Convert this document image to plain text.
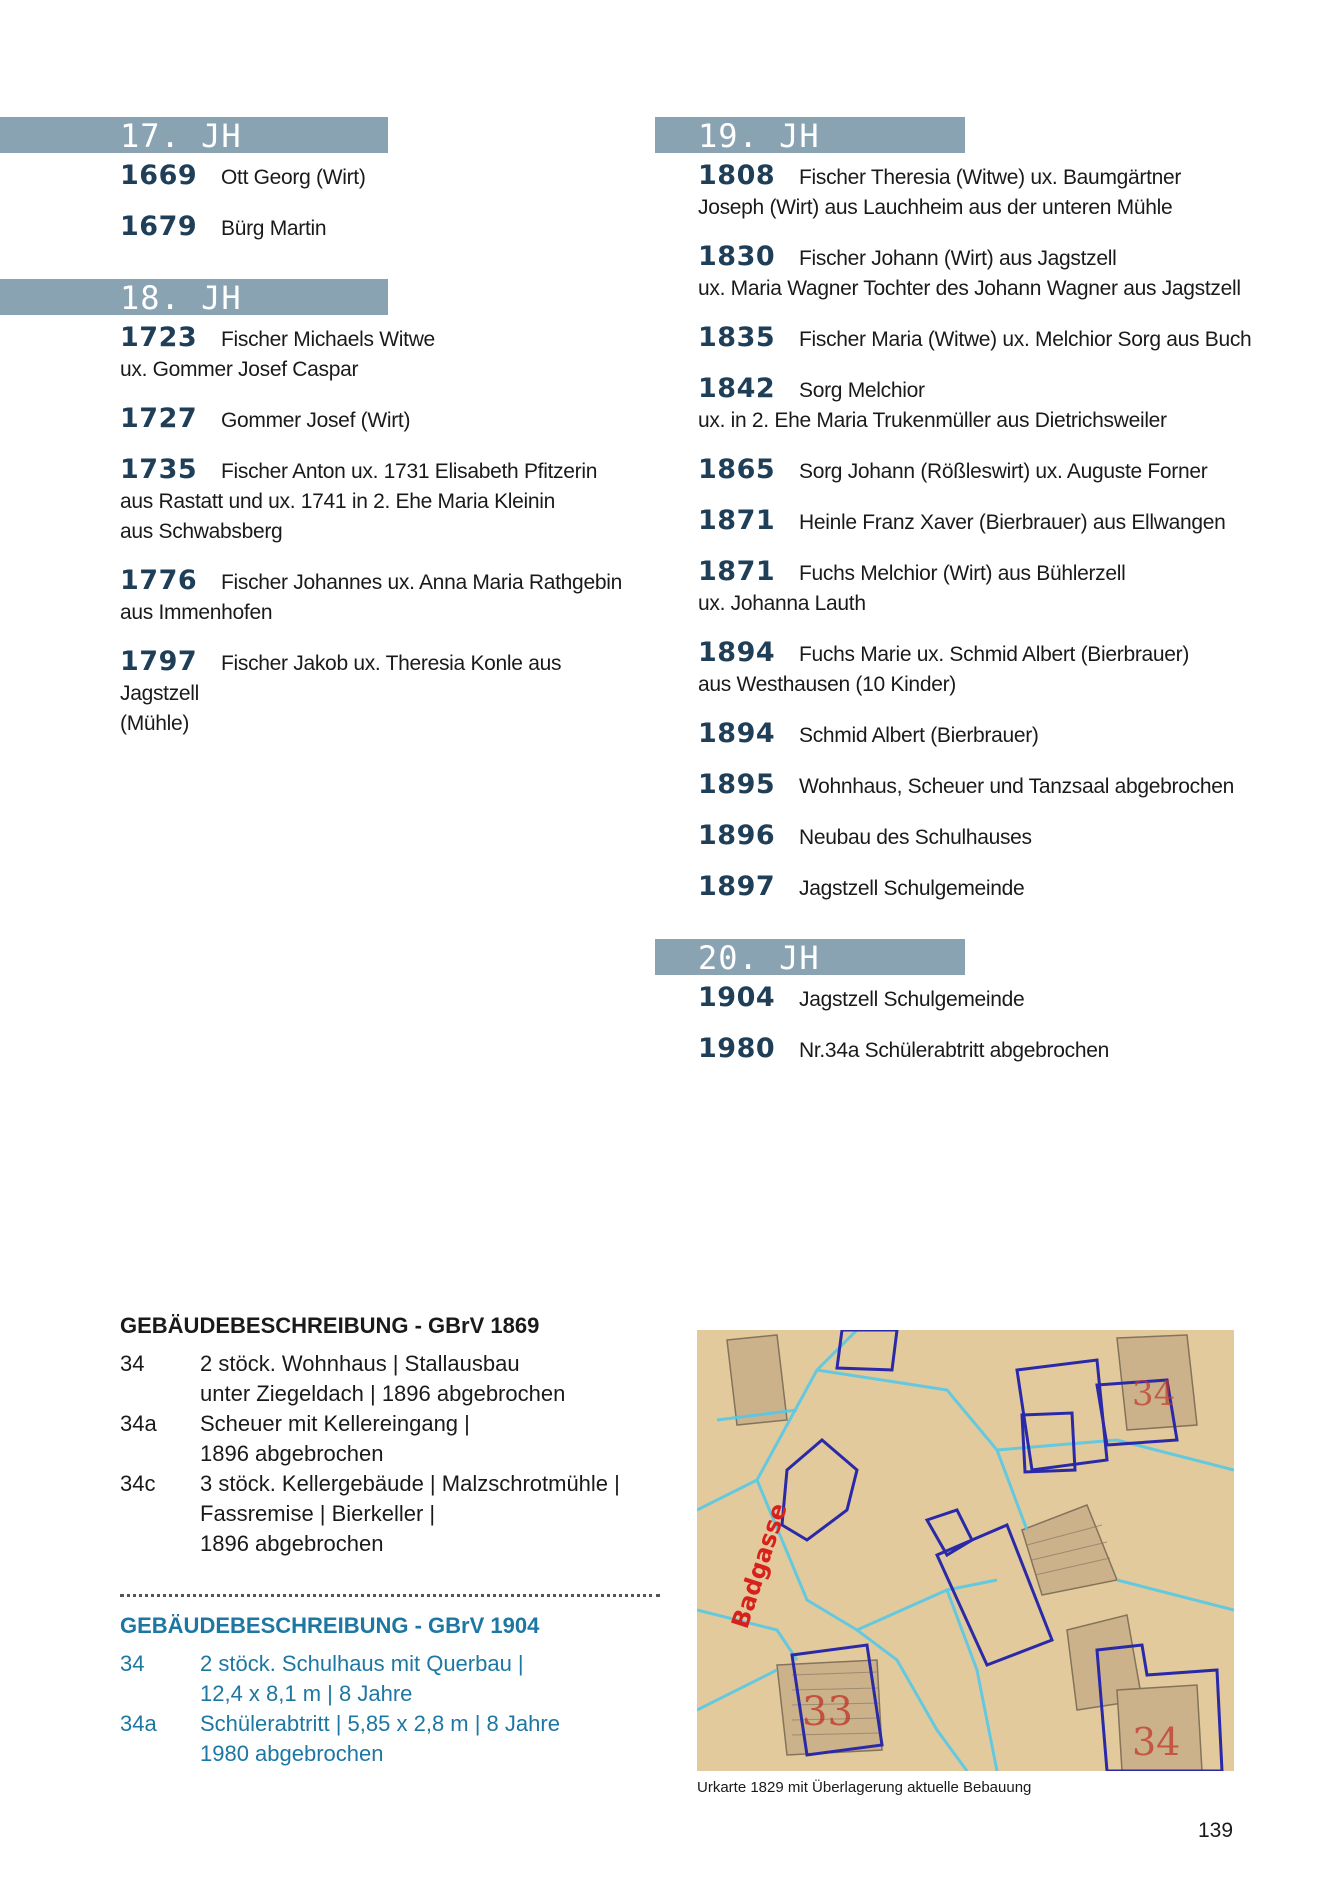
17. JH
1669 Ott Georg (Wirt)
1679 Bürg Martin
18. JH
1723 Fischer Michaels Witwe
ux. Gommer Josef Caspar
1727 Gommer Josef (Wirt)
1735 Fischer Anton ux. 1731 Elisabeth Pfitzerin
aus Rastatt und ux. 1741 in 2. Ehe Maria Kleinin
aus Schwabsberg
1776 Fischer Johannes ux. Anna Maria Rathgebin
aus Immenhofen
1797 Fischer Jakob ux. Theresia Konle aus Jagstzell
(Mühle)
19. JH
1808 Fischer Theresia (Witwe) ux. Baumgärtner
Joseph (Wirt) aus Lauchheim aus der unteren Mühle
1830 Fischer Johann (Wirt) aus Jagstzell
ux. Maria Wagner Tochter des Johann Wagner aus Jagstzell
1835 Fischer Maria (Witwe) ux. Melchior Sorg aus Buch
1842 Sorg Melchior
ux. in 2. Ehe Maria Trukenmüller aus Dietrichsweiler
1865 Sorg Johann (Rößleswirt) ux. Auguste Forner
1871 Heinle Franz Xaver (Bierbrauer) aus Ellwangen
1871 Fuchs Melchior (Wirt) aus Bühlerzell
ux. Johanna Lauth
1894 Fuchs Marie ux. Schmid Albert (Bierbrauer)
aus Westhausen (10 Kinder)
1894 Schmid Albert (Bierbrauer)
1895 Wohnhaus, Scheuer und Tanzsaal abgebrochen
1896 Neubau des Schulhauses
1897 Jagstzell Schulgemeinde
20. JH
1904 Jagstzell Schulgemeinde
1980 Nr.34a Schülerabtritt abgebrochen
GEBÄUDEBESCHREIBUNG - GBrV 1869
34	2 stöck. Wohnhaus | Stallausbau
unter Ziegeldach | 1896 abgebrochen
34a	Scheuer mit Kellereingang |
1896 abgebrochen
34c	3 stöck. Kellergebäude | Malzschrotmühle |
Fassremise | Bierkeller |
1896 abgebrochen
GEBÄUDEBESCHREIBUNG - GBrV 1904
34	2 stöck. Schulhaus mit Querbau |
12,4 x 8,1 m | 8 Jahre
34a	Schülerabtritt | 5,85 x 2,8 m | 8 Jahre
1980 abgebrochen
34
33
34
Badgasse
Urkarte 1829 mit Überlagerung aktuelle Bebauung
139
